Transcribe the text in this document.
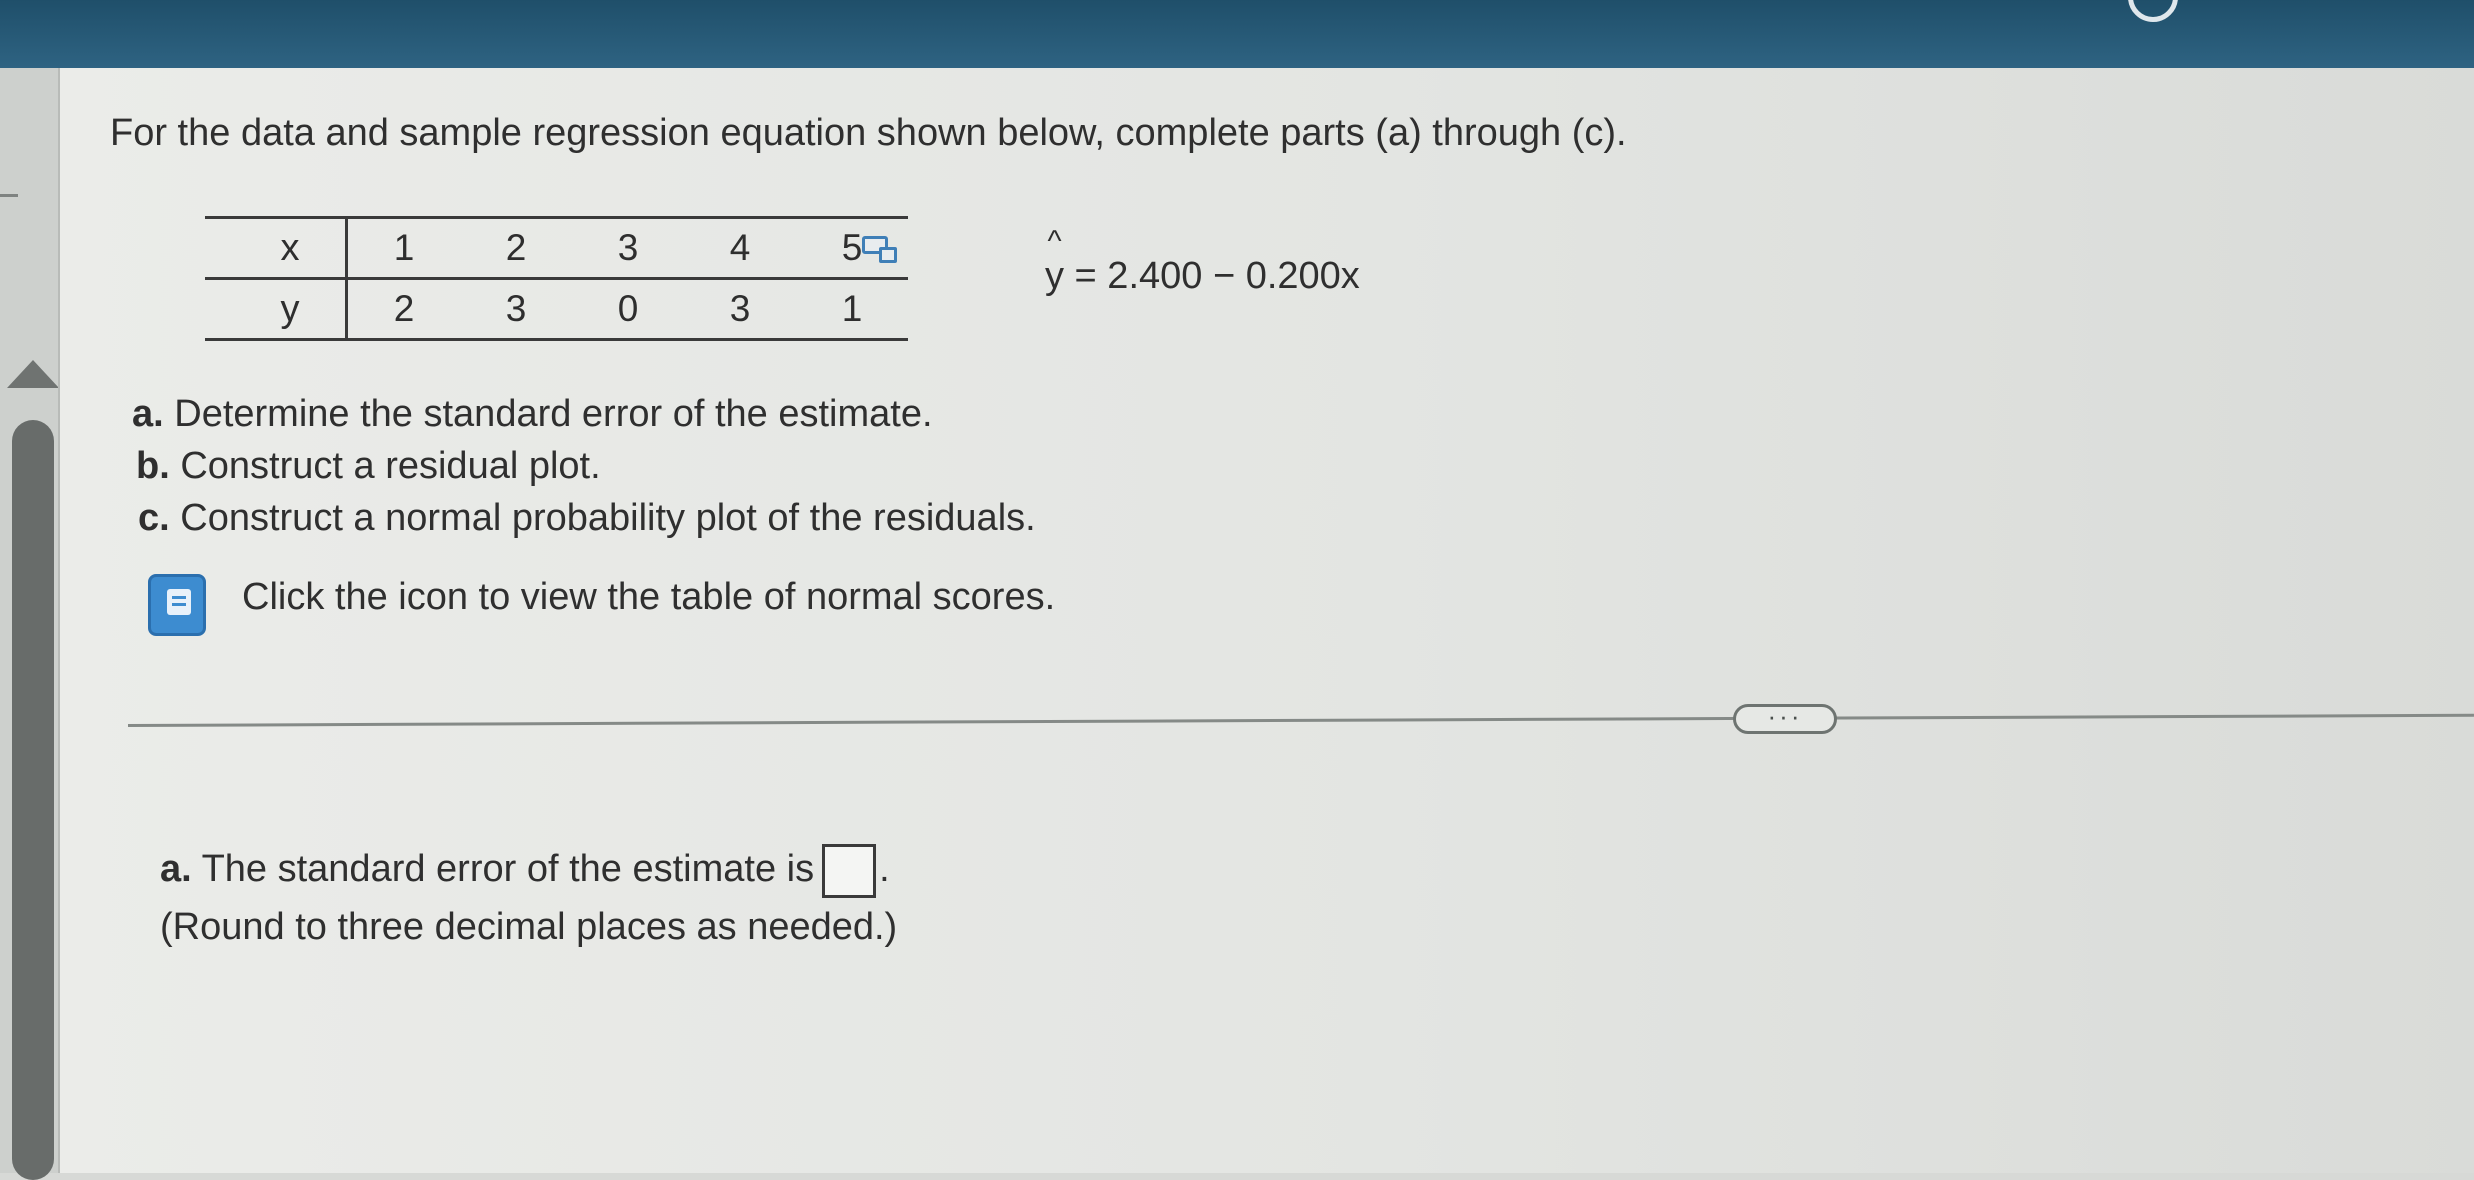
For the data and sample regression equation shown below, complete parts (a) through (c).
x	1	2	3	4	5
y	2	3	0	3	1
^
y = 2.400 − 0.200x
a. Determine the standard error of the estimate.
b. Construct a residual plot.
c. Construct a normal probability plot of the residuals.
Click the icon to view the table of normal scores.
···
a. The standard error of the estimate is .
(Round to three decimal places as needed.)
